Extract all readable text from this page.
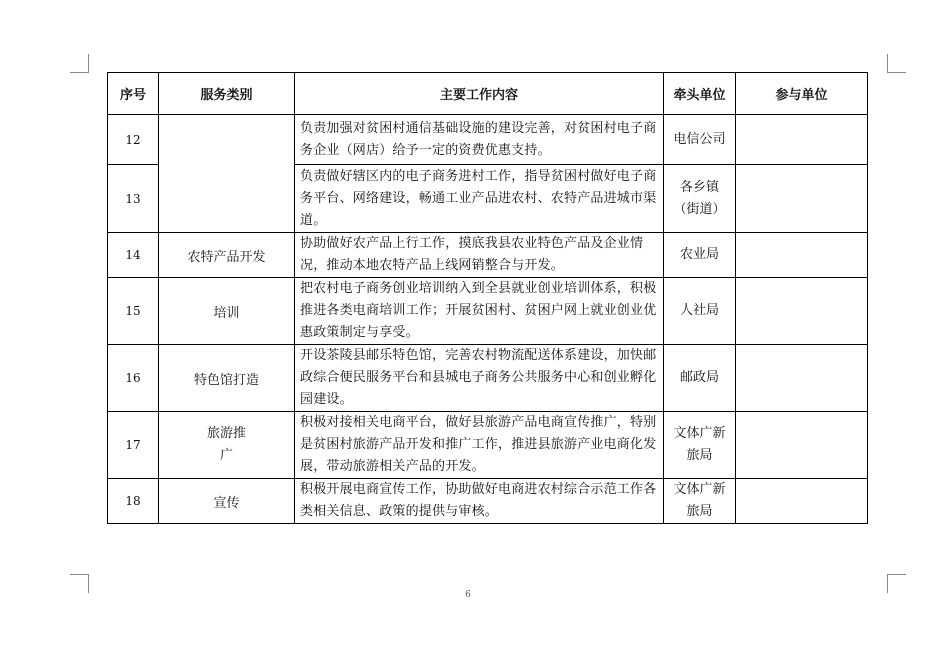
序号	服务类别	主要工作内容	牵头单位	参与单位
12		负责加强对贫困村通信基础设施的建设完善，对贫困村电子商务企业（网店）给予一定的资费优惠支持。	电信公司	
13		负责做好辖区内的电子商务进村工作，指导贫困村做好电子商务平台、网络建设，畅通工业产品进农村、农特产品进城市渠道。	各乡镇（街道）	
14	农特产品开发	协助做好农产品上行工作，摸底我县农业特色产品及企业情况，推动本地农特产品上线网销整合与开发。	农业局	
15	培训	把农村电子商务创业培训纳入到全县就业创业培训体系，积极推进各类电商培训工作；开展贫困村、贫困户网上就业创业优惠政策制定与享受。	人社局	
16	特色馆打造	开设茶陵县邮乐特色馆，完善农村物流配送体系建设，加快邮政综合便民服务平台和县城电子商务公共服务中心和创业孵化园建设。	邮政局	
17	旅游推广	积极对接相关电商平台，做好县旅游产品电商宣传推广，特别是贫困村旅游产品开发和推广工作，推进县旅游产业电商化发展，带动旅游相关产品的开发。	文体广新旅局	
18	宣传	积极开展电商宣传工作，协助做好电商进农村综合示范工作各类相关信息、政策的提供与审核。	文体广新旅局	
6
